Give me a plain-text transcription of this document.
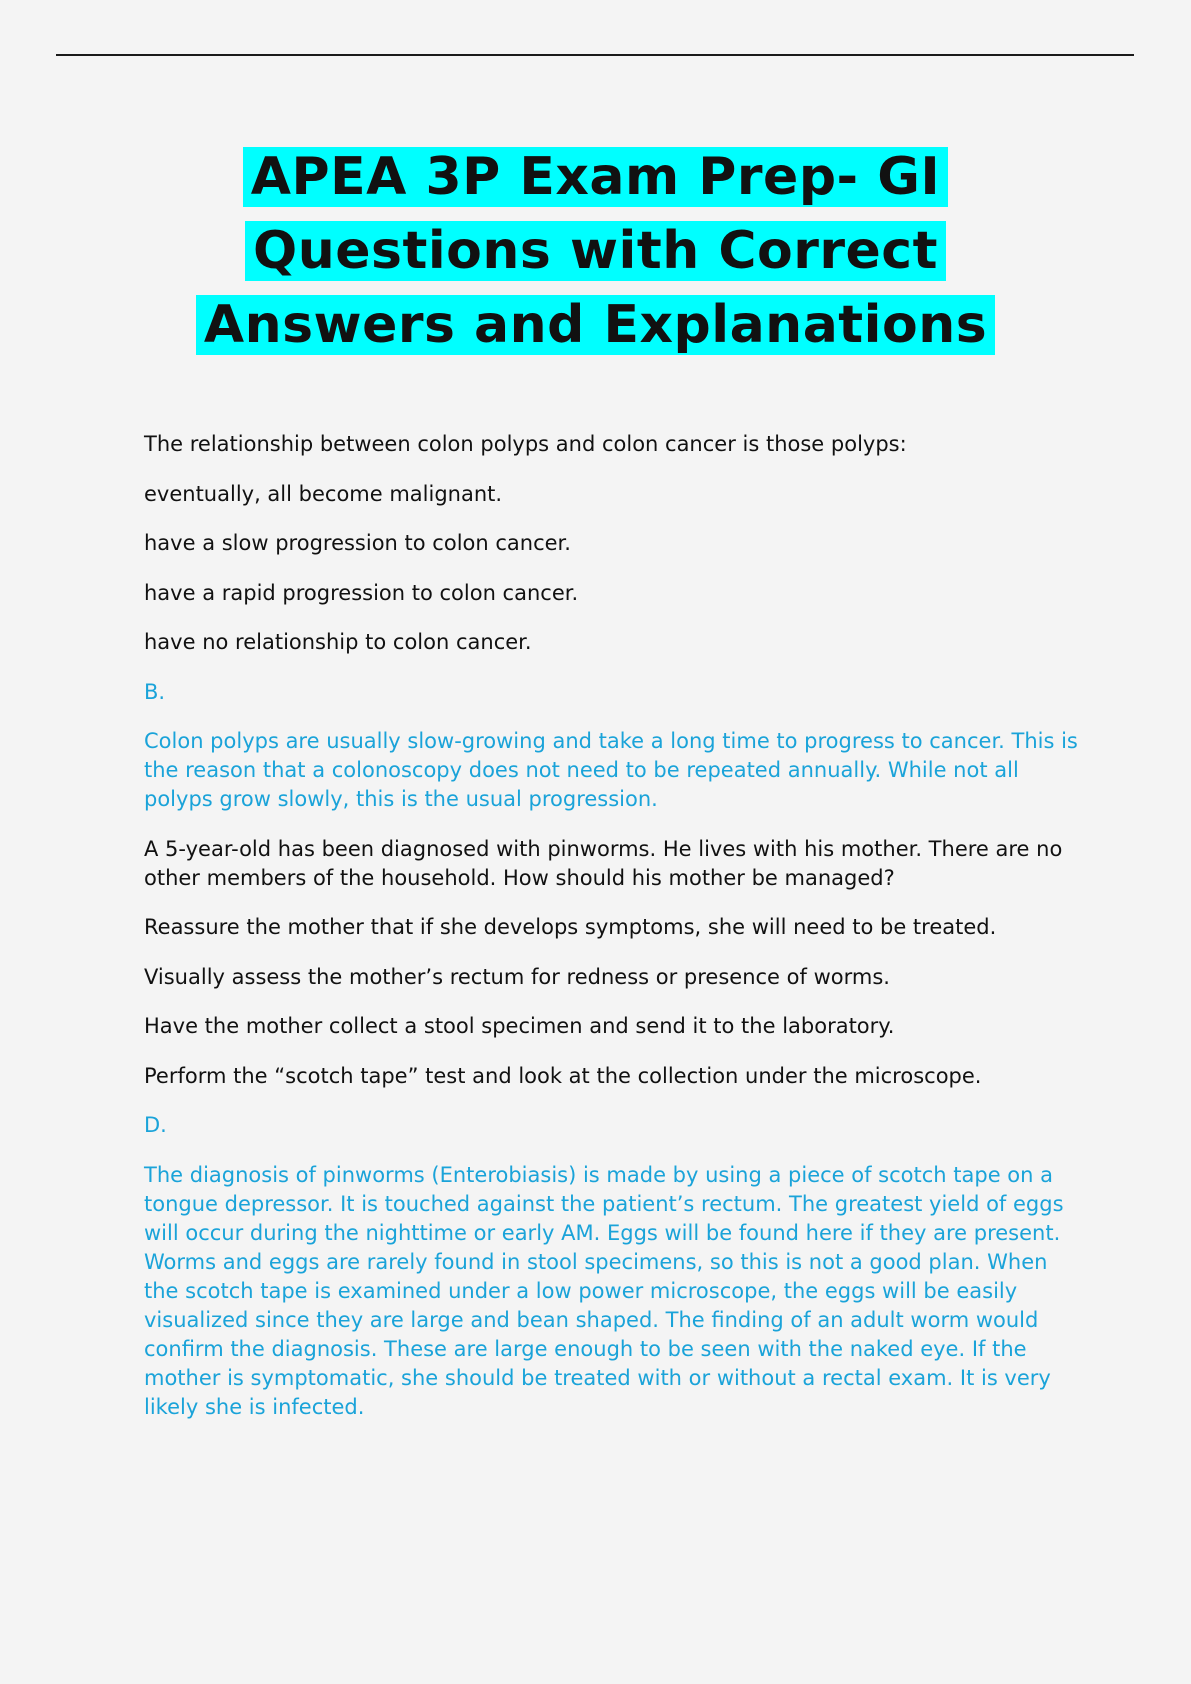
APEA 3P Exam Prep- GI
Questions with Correct
Answers and Explanations

The relationship between colon polyps and colon cancer is those polyps:

eventually, all become malignant.

have a slow progression to colon cancer.

have a rapid progression to colon cancer.

have no relationship to colon cancer.

B.

Colon polyps are usually slow-growing and take a long time to progress to cancer. This is the reason that a colonoscopy does not need to be repeated annually. While not all polyps grow slowly, this is the usual progression.

A 5-year-old has been diagnosed with pinworms. He lives with his mother. There are no other members of the household. How should his mother be managed?

Reassure the mother that if she develops symptoms, she will need to be treated.

Visually assess the mother’s rectum for redness or presence of worms.

Have the mother collect a stool specimen and send it to the laboratory.

Perform the “scotch tape” test and look at the collection under the microscope.

D.

The diagnosis of pinworms (Enterobiasis) is made by using a piece of scotch tape on a tongue depressor. It is touched against the patient’s rectum. The greatest yield of eggs will occur during the nighttime or early AM. Eggs will be found here if they are present. Worms and eggs are rarely found in stool specimens, so this is not a good plan. When the scotch tape is examined under a low power microscope, the eggs will be easily visualized since they are large and bean shaped. The finding of an adult worm would confirm the diagnosis. These are large enough to be seen with the naked eye. If the mother is symptomatic, she should be treated with or without a rectal exam. It is very likely she is infected.
